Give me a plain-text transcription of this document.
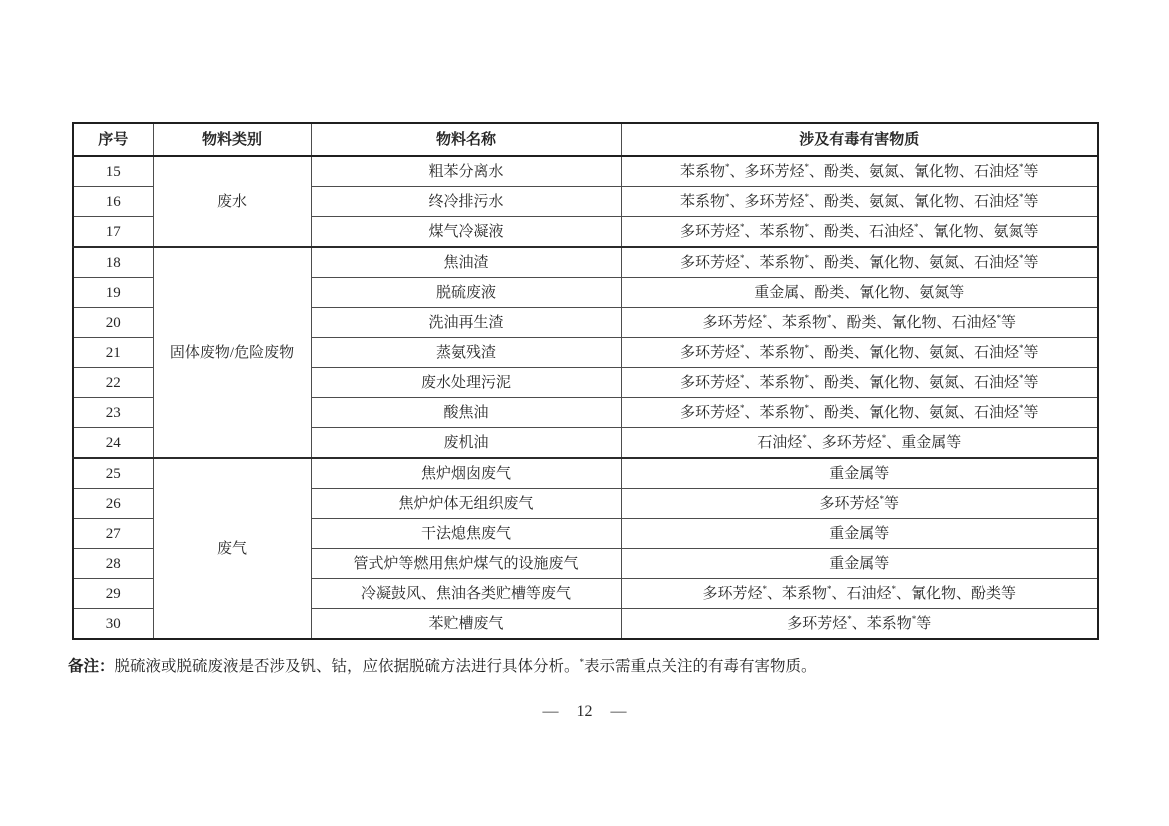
序号	物料类别	物料名称	涉及有毒有害物质
15	废水	粗苯分离水	苯系物*、多环芳烃*、酚类、氨氮、氰化物、石油烃*等
16		终冷排污水	苯系物*、多环芳烃*、酚类、氨氮、氰化物、石油烃*等
17		煤气冷凝液	多环芳烃*、苯系物*、酚类、石油烃*、氰化物、氨氮等
18	固体废物/危险废物	焦油渣	多环芳烃*、苯系物*、酚类、氰化物、氨氮、石油烃*等
19		脱硫废液	重金属、酚类、氰化物、氨氮等
20		洗油再生渣	多环芳烃*、苯系物*、酚类、氰化物、石油烃*等
21		蒸氨残渣	多环芳烃*、苯系物*、酚类、氰化物、氨氮、石油烃*等
22		废水处理污泥	多环芳烃*、苯系物*、酚类、氰化物、氨氮、石油烃*等
23		酸焦油	多环芳烃*、苯系物*、酚类、氰化物、氨氮、石油烃*等
24		废机油	石油烃*、多环芳烃*、重金属等
25	废气	焦炉烟囱废气	重金属等
26		焦炉炉体无组织废气	多环芳烃*等
27		干法熄焦废气	重金属等
28		管式炉等燃用焦炉煤气的设施废气	重金属等
29		冷凝鼓风、焦油各类贮槽等废气	多环芳烃*、苯系物*、石油烃*、氰化物、酚类等
30		苯贮槽废气	多环芳烃*、苯系物*等
备注：脱硫液或脱硫废液是否涉及钒、钴，应依据脱硫方法进行具体分析。*表示需重点关注的有毒有害物质。
— 12 —
